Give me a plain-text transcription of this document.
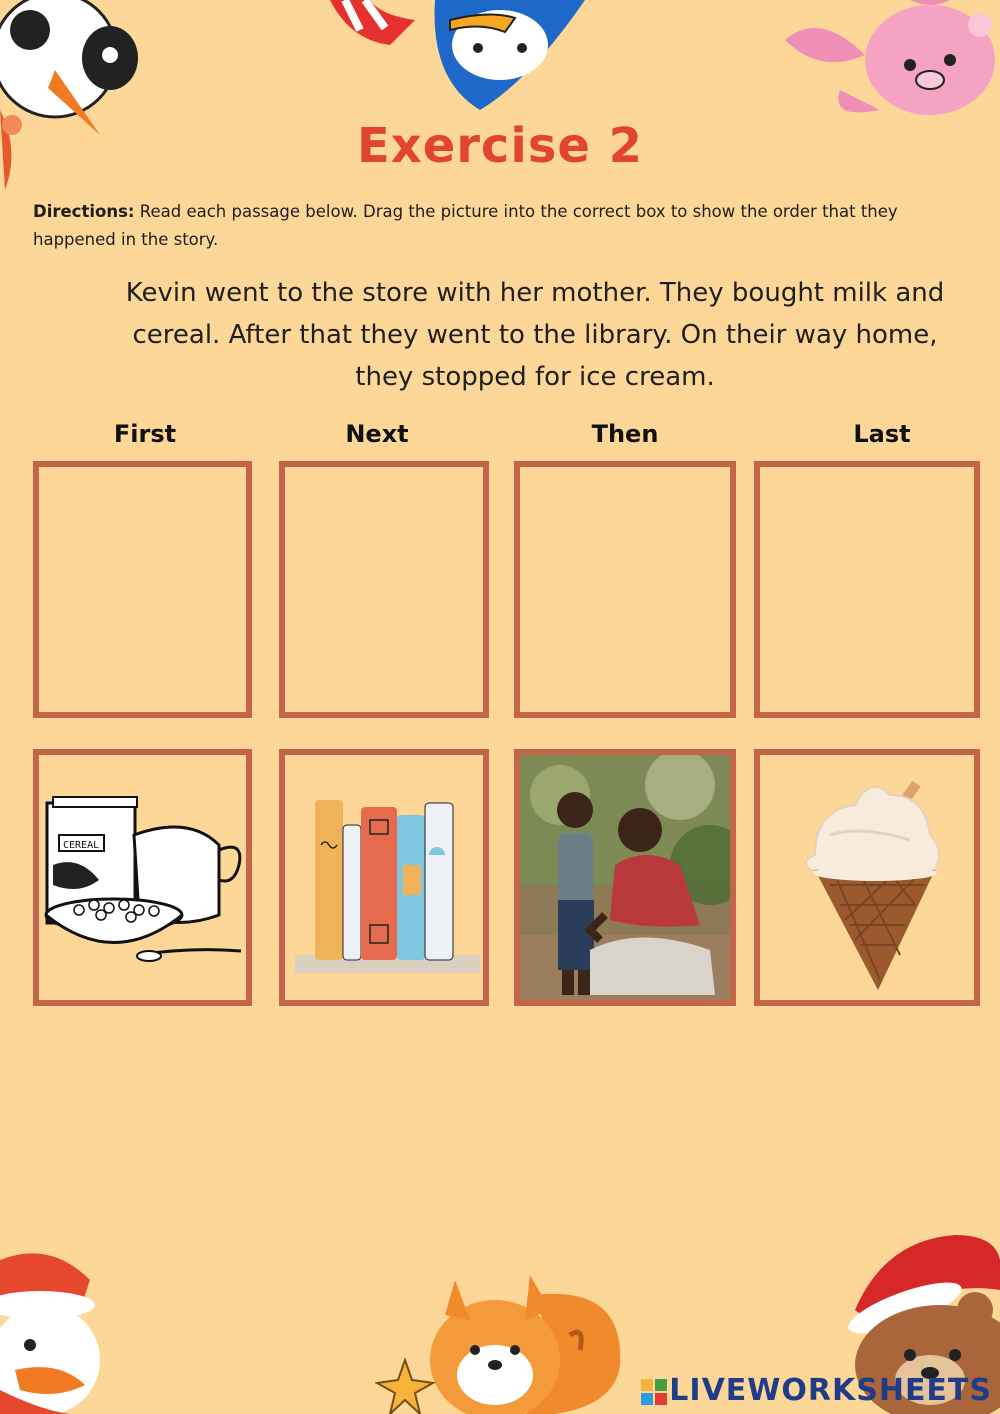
Exercise 2
Directions: Read each passage below. Drag the picture into the correct box to show the order that they happened in the story.
Kevin went to the store with her mother. They bought milk and cereal. After that they went to the library. On their way home, they stopped for ice cream.
First	Next	Then	Last
CEREAL
LIVEWORKSHEETS
